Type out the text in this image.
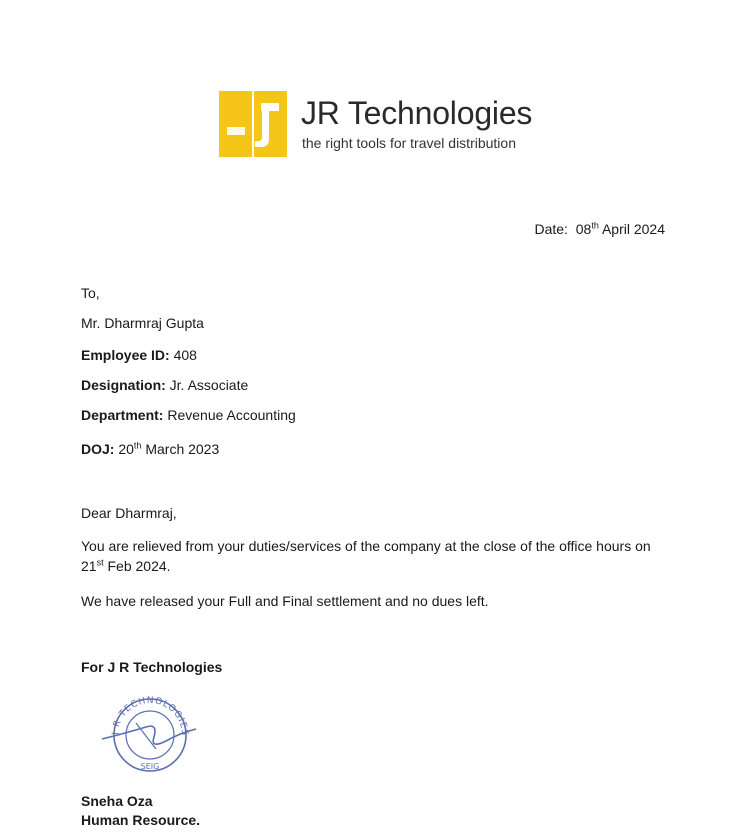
JR Technologies
the right tools for travel distribution
Date: 08th April 2024
To,
Mr. Dharmraj Gupta
Employee ID: 408
Designation: Jr. Associate
Department: Revenue Accounting
DOJ: 20th March 2023
Dear Dharmraj,
You are relieved from your duties/services of the company at the close of the office hours on
21st Feb 2024.
We have released your Full and Final settlement and no dues left.
For J R Technologies
J R TECHNOLOGIES
SEIG
Sneha Oza
Human Resource.
